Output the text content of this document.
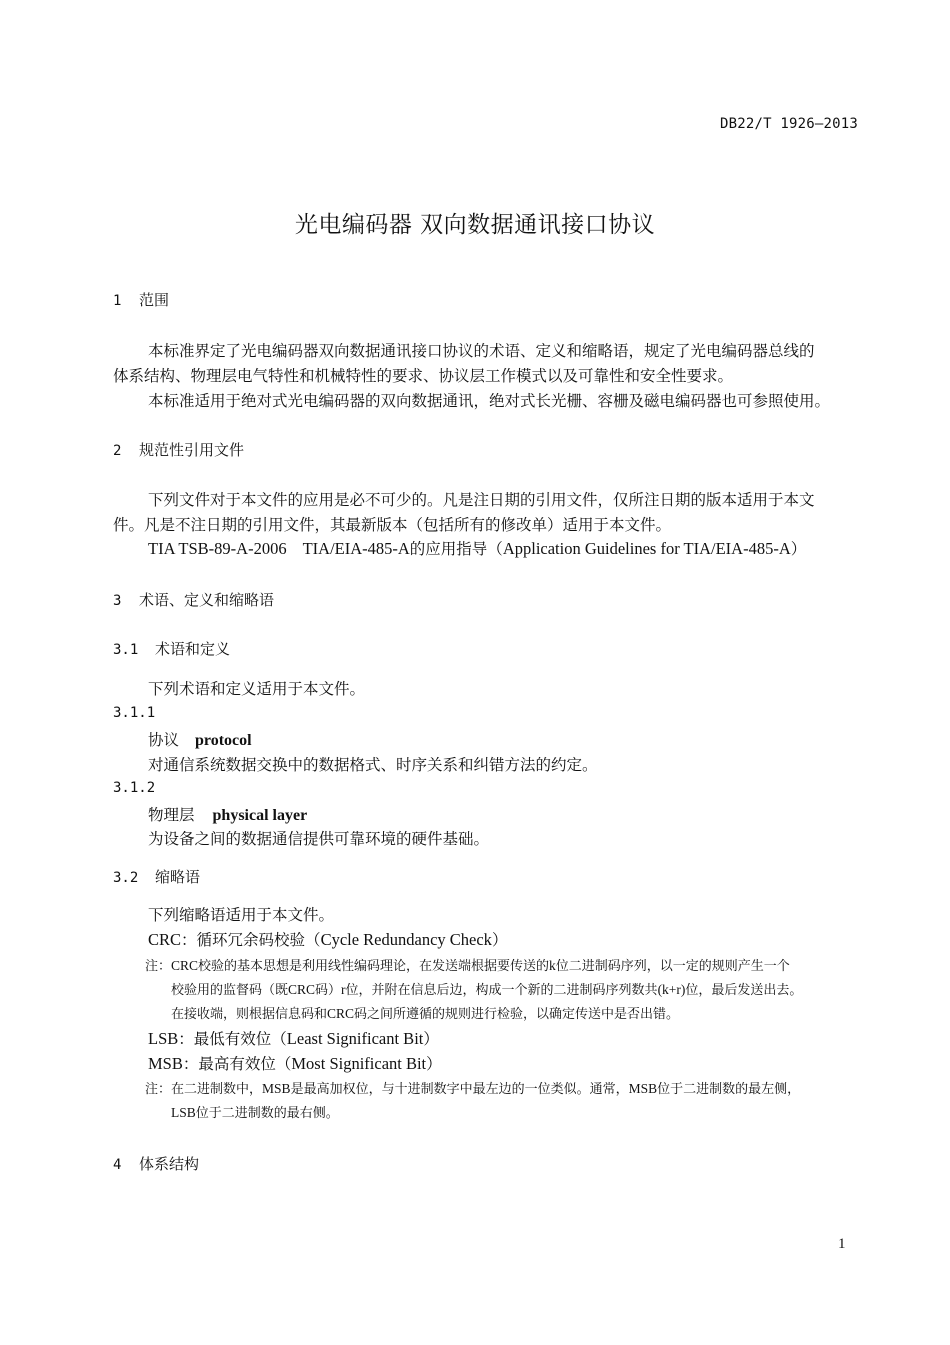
DB22/T 1926—2013
光电编码器 双向数据通讯接口协议
1 范围
本标准界定了光电编码器双向数据通讯接口协议的术语、定义和缩略语，规定了光电编码器总线的
体系结构、物理层电气特性和机械特性的要求、协议层工作模式以及可靠性和安全性要求。
本标准适用于绝对式光电编码器的双向数据通讯，绝对式长光栅、容栅及磁电编码器也可参照使用。
2 规范性引用文件
下列文件对于本文件的应用是必不可少的。凡是注日期的引用文件，仅所注日期的版本适用于本文
件。凡是不注日期的引用文件，其最新版本（包括所有的修改单）适用于本文件。
TIA TSB-89-A-2006 TIA/EIA-485-A的应用指导（Application Guidelines for TIA/EIA-485-A）
3 术语、定义和缩略语
3.1 术语和定义
下列术语和定义适用于本文件。
3.1.1
协议 protocol
对通信系统数据交换中的数据格式、时序关系和纠错方法的约定。
3.1.2
物理层 physical layer
为设备之间的数据通信提供可靠环境的硬件基础。
3.2 缩略语
下列缩略语适用于本文件。
CRC：循环冗余码校验（Cycle Redundancy Check）
注：CRC校验的基本思想是利用线性编码理论，在发送端根据要传送的k位二进制码序列，以一定的规则产生一个
校验用的监督码（既CRC码）r位，并附在信息后边，构成一个新的二进制码序列数共(k+r)位，最后发送出去。
在接收端，则根据信息码和CRC码之间所遵循的规则进行检验，以确定传送中是否出错。
LSB：最低有效位（Least Significant Bit）
MSB：最高有效位（Most Significant Bit）
注：在二进制数中，MSB是最高加权位，与十进制数字中最左边的一位类似。通常，MSB位于二进制数的最左侧，
LSB位于二进制数的最右侧。
4 体系结构
1
